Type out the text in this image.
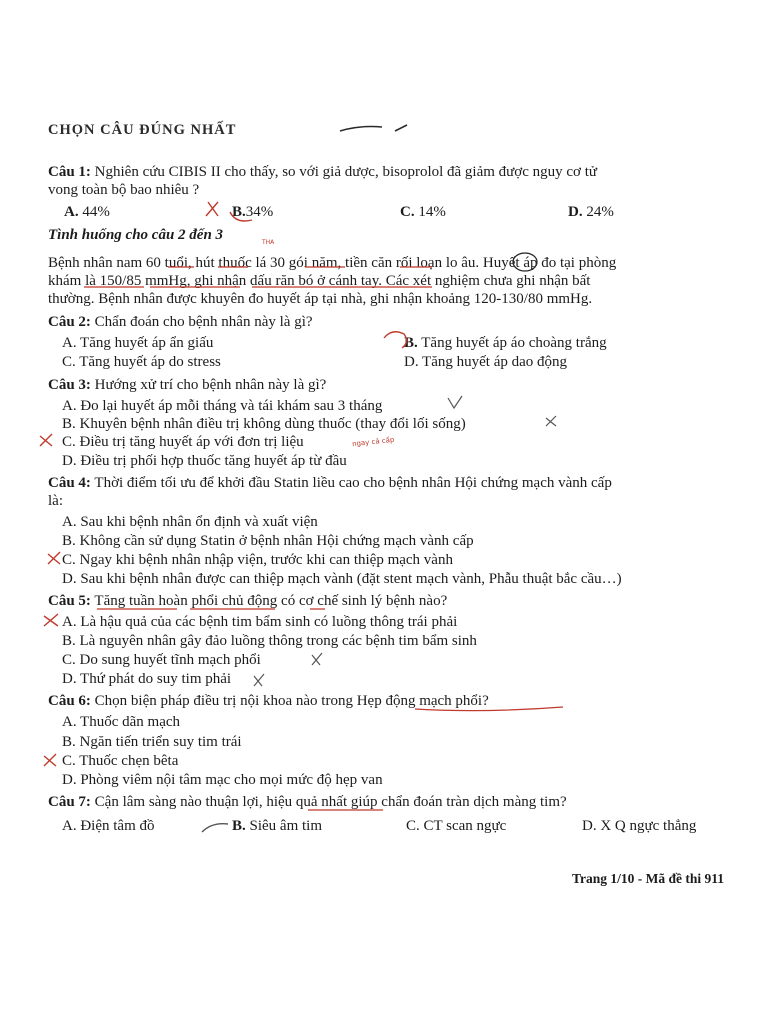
CHỌN CÂU ĐÚNG NHẤT
Câu 1: Nghiên cứu CIBIS II cho thấy, so với giả dược, bisoprolol đã giảm được nguy cơ tử
vong toàn bộ bao nhiêu ?
A. 44%	B.34%	C. 14%	D. 24%
Tình huống cho câu 2 đến 3	THA
Bệnh nhân nam 60 tuổi, hút thuốc lá 30 gói năm, tiền căn rối loạn lo âu. Huyết áp đo tại phòng
khám là 150/85 mmHg, ghi nhận dấu răn bó ở cánh tay. Các xét nghiệm chưa ghi nhận bất
thường. Bệnh nhân được khuyên đo huyết áp tại nhà, ghi nhận khoảng 120-130/80 mmHg.
Câu 2: Chẩn đoán cho bệnh nhân này là gì?
A. Tăng huyết áp ẩn giấu	B. Tăng huyết áp áo choàng trắng
C. Tăng huyết áp do stress	D. Tăng huyết áp dao động
Câu 3: Hướng xử trí cho bệnh nhân này là gì?
A. Đo lại huyết áp mỗi tháng và tái khám sau 3 tháng
B. Khuyên bệnh nhân điều trị không dùng thuốc (thay đổi lối sống)
C. Điều trị tăng huyết áp với đơn trị liệu	ngay cả cấp
D. Điều trị phối hợp thuốc tăng huyết áp từ đầu
Câu 4: Thời điểm tối ưu để khởi đầu Statin liều cao cho bệnh nhân Hội chứng mạch vành cấp
là:
A. Sau khi bệnh nhân ổn định và xuất viện
B. Không cần sử dụng Statin ở bệnh nhân Hội chứng mạch vành cấp
C. Ngay khi bệnh nhân nhập viện, trước khi can thiệp mạch vành
D. Sau khi bệnh nhân được can thiệp mạch vành (đặt stent mạch vành, Phẫu thuật bắc cầu…)
Câu 5: Tăng tuần hoàn phổi chủ động có cơ chế sinh lý bệnh nào?
A. Là hậu quả của các bệnh tim bẩm sinh có luồng thông trái phải
B. Là nguyên nhân gây đảo luồng thông trong các bệnh tim bẩm sinh
C. Do sung huyết tĩnh mạch phổi
D. Thứ phát do suy tim phải
Câu 6: Chọn biện pháp điều trị nội khoa nào trong Hẹp động mạch phổi?
A. Thuốc dãn mạch
B. Ngăn tiến triển suy tim trái
C. Thuốc chẹn bêta
D. Phòng viêm nội tâm mạc cho mọi mức độ hẹp van
Câu 7: Cận lâm sàng nào thuận lợi, hiệu quả nhất giúp chẩn đoán tràn dịch màng tim?
A. Điện tâm đồ	B. Siêu âm tim	C. CT scan ngực	D. X Q ngực thẳng
Trang 1/10 - Mã đề thi 911
